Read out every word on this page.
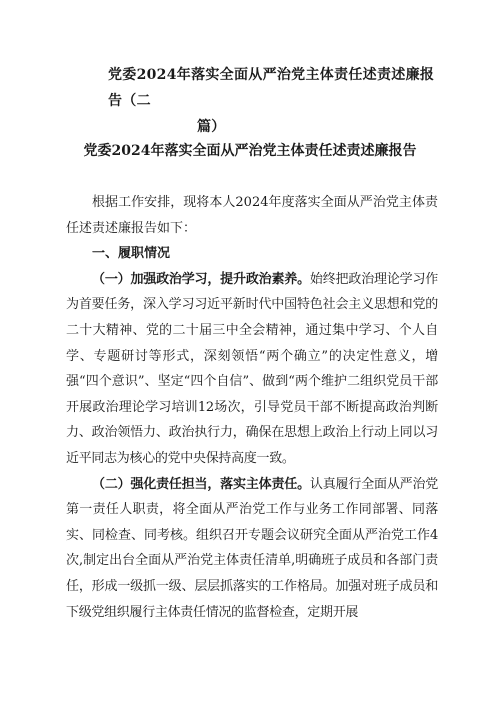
党委2024年落实全面从严治党主体责任述责述廉报告（二
篇）
党委2024年落实全面从严治党主体责任述责述廉报告

根据工作安排，现将本人2024年度落实全面从严治党主体责任述责述廉报告如下：

一、履职情况

（一）加强政治学习，提升政治素养。始终把政治理论学习作为首要任务，深入学习习近平新时代中国特色社会主义思想和党的二十大精神、党的二十届三中全会精神，通过集中学习、个人自学、专题研讨等形式，深刻领悟“两个确立”的决定性意义，增强“四个意识”、坚定“四个自信”、做到“两个维护二组织党员干部开展政治理论学习培训12场次，引导党员干部不断提高政治判断力、政治领悟力、政治执行力，确保在思想上政治上行动上同以习近平同志为核心的党中央保持高度一致。

（二）强化责任担当，落实主体责任。认真履行全面从严治党第一责任人职责，将全面从严治党工作与业务工作同部署、同落实、同检查、同考核。组织召开专题会议研究全面从严治党工作4次,制定出台全面从严治党主体责任清单,明确班子成员和各部门责任，形成一级抓一级、层层抓落实的工作格局。加强对班子成员和下级党组织履行主体责任情况的监督检查，定期开展
